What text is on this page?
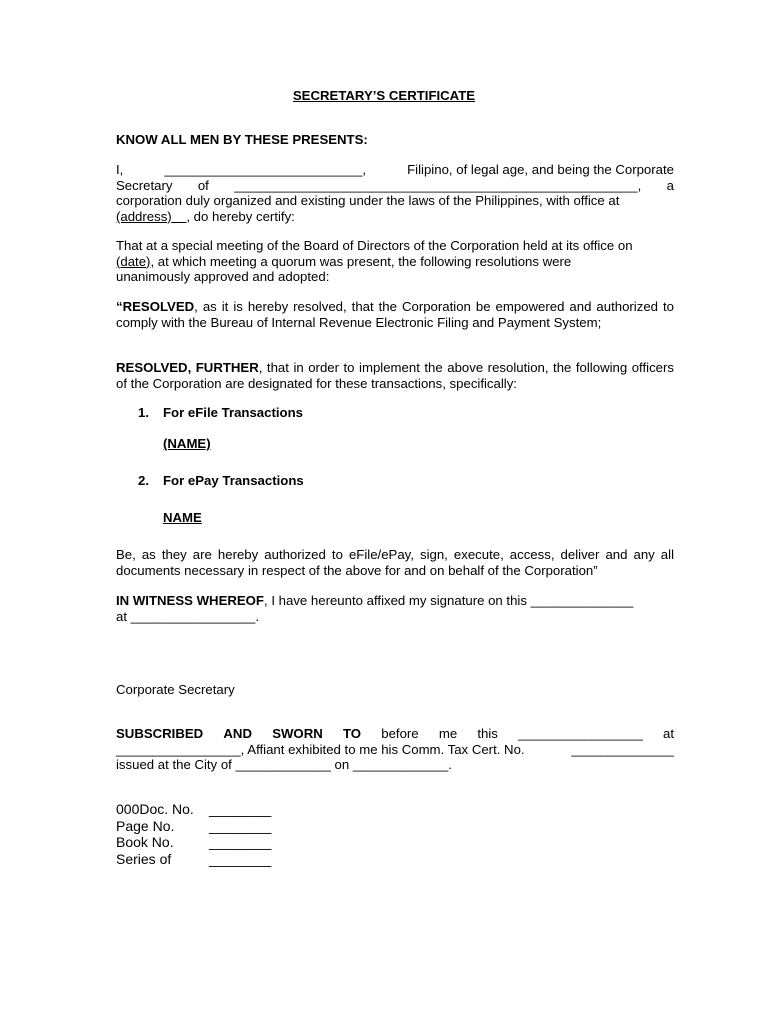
SECRETARY’S CERTIFICATE
KNOW ALL MEN BY THESE PRESENTS:
I,	___________________________,	Filipino, of legal age, and being the Corporate
Secretary of _______________________________________________________, a
corporation duly organized and existing under the laws of the Philippines, with office at
(address) , do hereby certify:
That at a special meeting of the Board of Directors of the Corporation held at its office on
(date), at which meeting a quorum was present, the following resolutions were
unanimously approved and adopted:
“RESOLVED, as it is hereby resolved, that the Corporation be empowered and authorized to comply with the Bureau of Internal Revenue Electronic Filing and Payment System;
RESOLVED, FURTHER, that in order to implement the above resolution, the following officers of the Corporation are designated for these transactions, specifically:
1. For eFile Transactions
(NAME)
2. For ePay Transactions
NAME
Be, as they are hereby authorized to eFile/ePay, sign, execute, access, deliver and any all documents necessary in respect of the above for and on behalf of the Corporation”
IN WITNESS WHEREOF, I have hereunto affixed my signature on this ______________
at _________________.
Corporate Secretary
SUBSCRIBED AND SWORN TO before me this _________________ at
_________________, Affiant exhibited to me his Comm. Tax Cert. No.	______________
issued at the City of _____________ on _____________.
000Doc. No.	________
Page No.	________
Book No.	________
Series of	________
